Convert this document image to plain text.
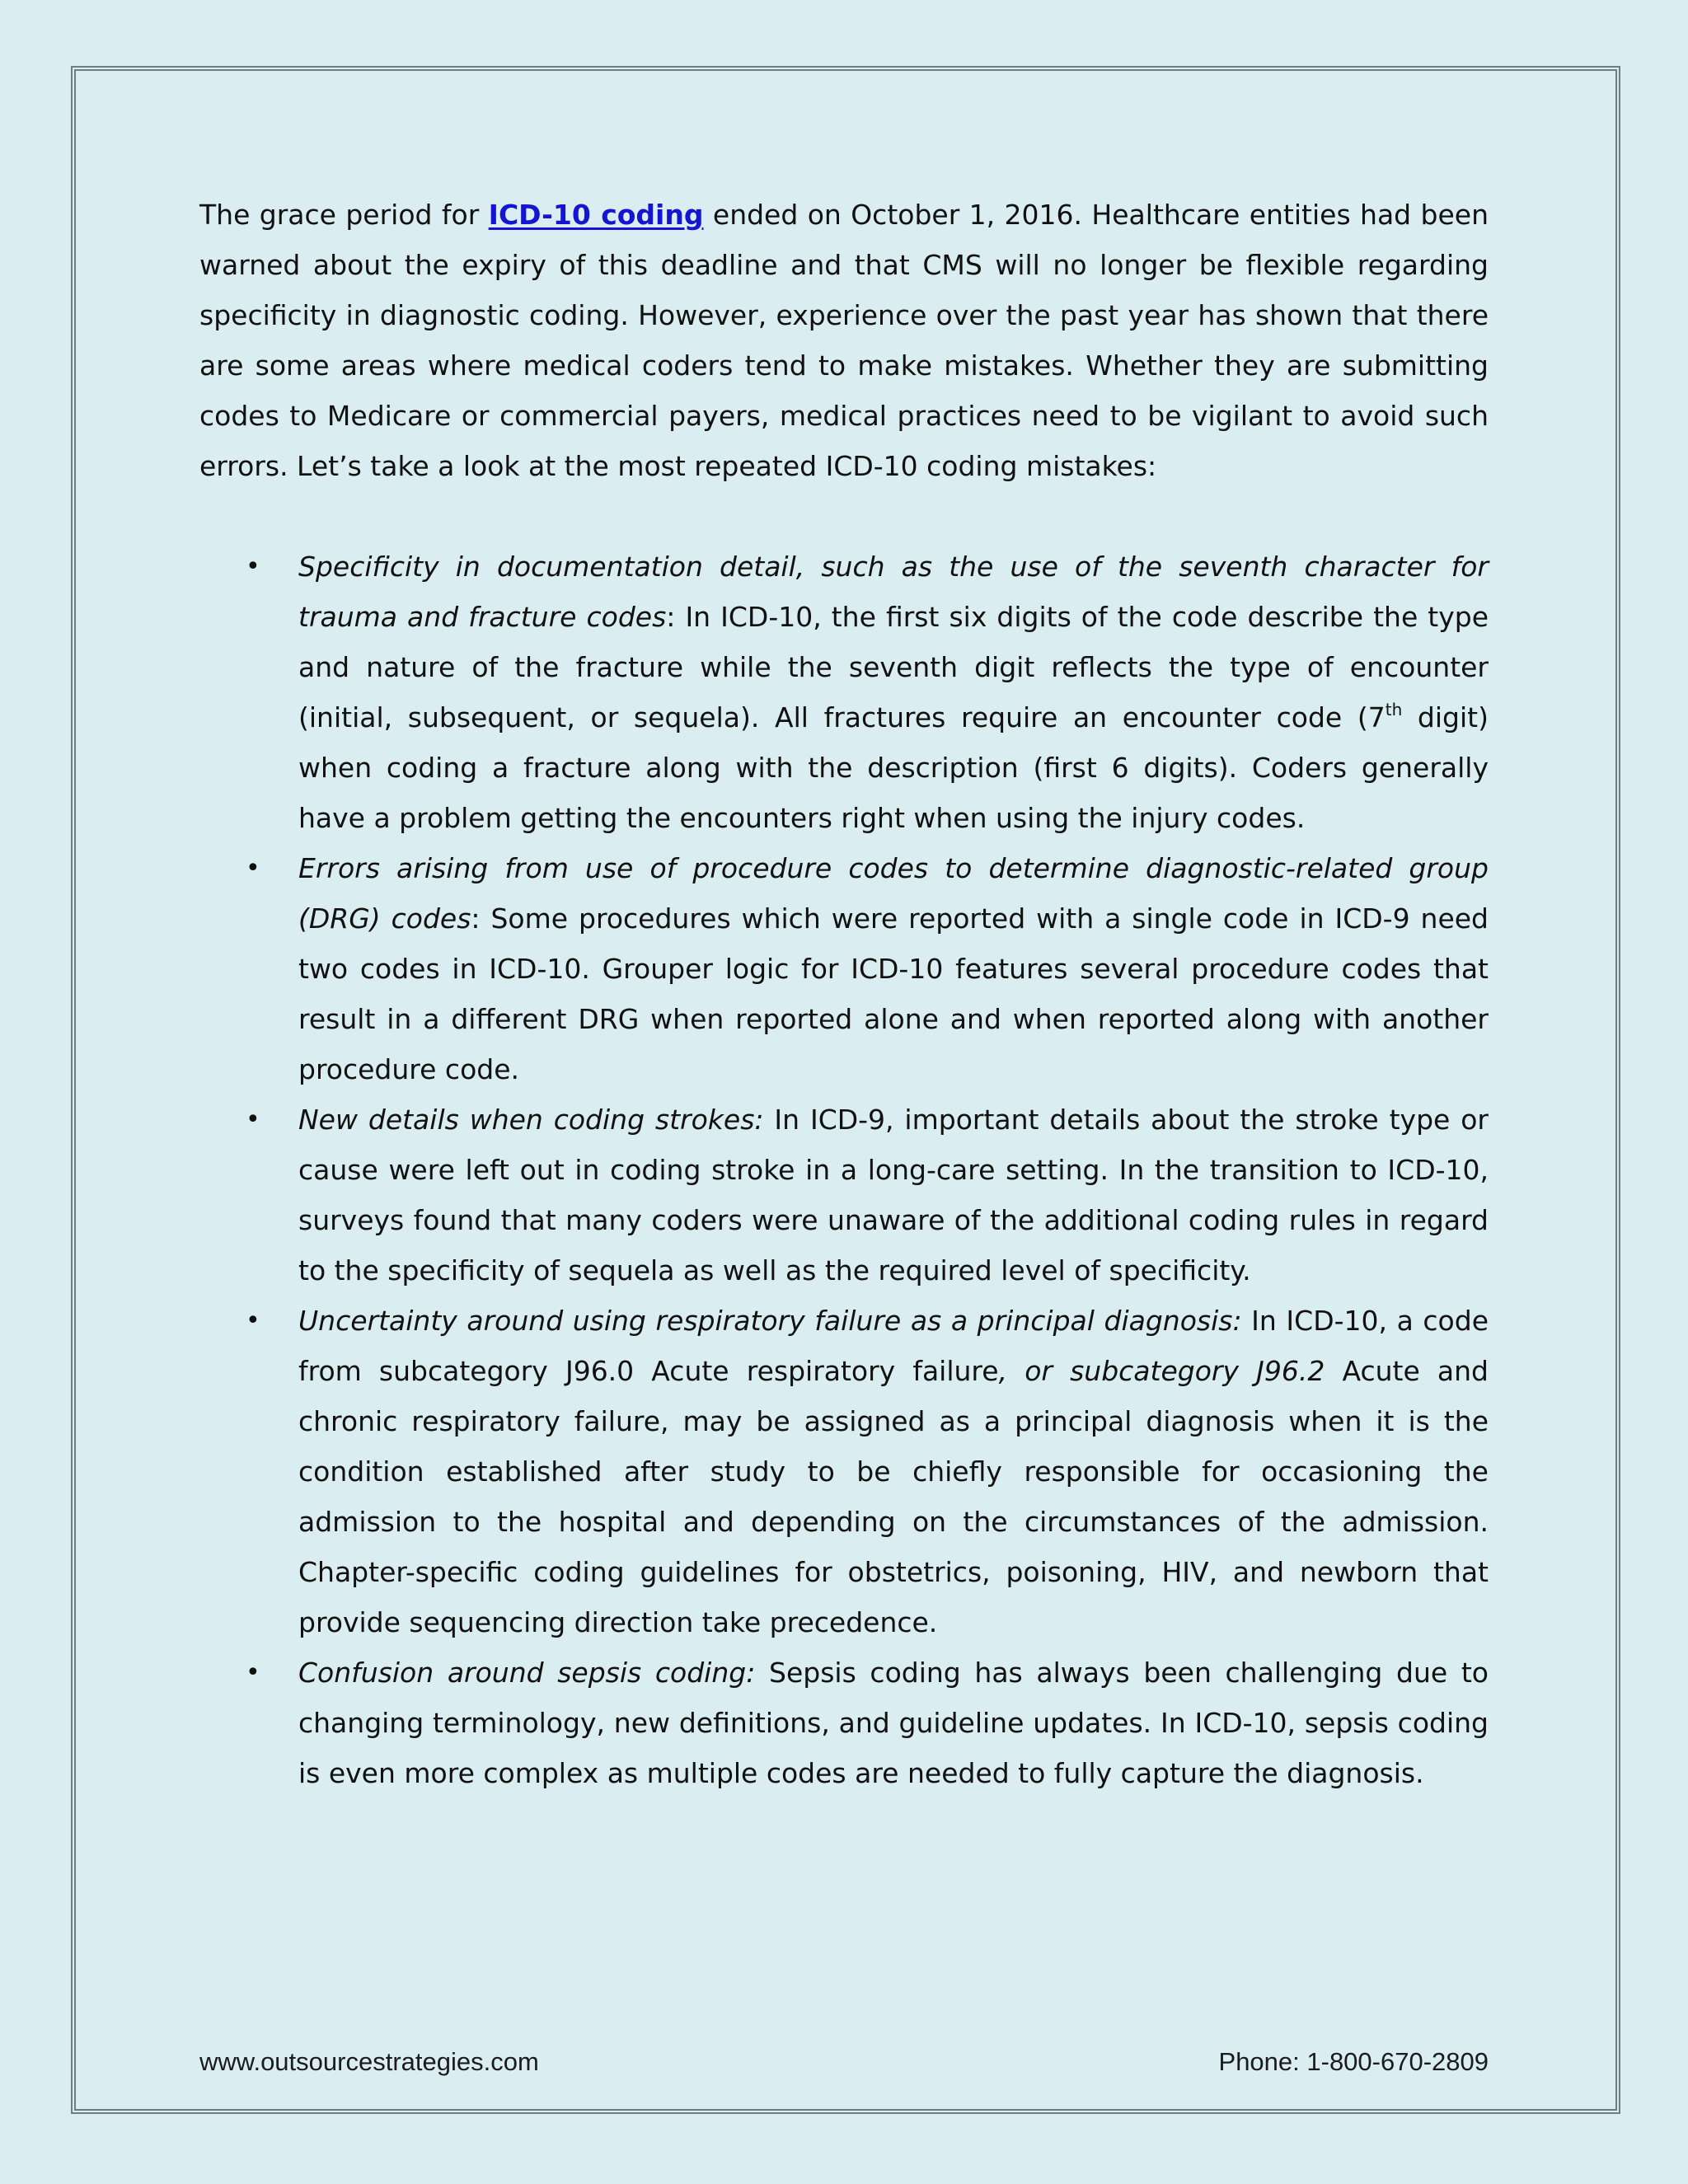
The grace period for ICD-10 coding ended on October 1, 2016. Healthcare entities had been warned about the expiry of this deadline and that CMS will no longer be flexible regarding specificity in diagnostic coding. However, experience over the past year has shown that there are some areas where medical coders tend to make mistakes. Whether they are submitting codes to Medicare or commercial payers, medical practices need to be vigilant to avoid such errors. Let’s take a look at the most repeated ICD-10 coding mistakes:

• Specificity in documentation detail, such as the use of the seventh character for trauma and fracture codes: In ICD-10, the first six digits of the code describe the type and nature of the fracture while the seventh digit reflects the type of encounter (initial, subsequent, or sequela). All fractures require an encounter code (7th digit) when coding a fracture along with the description (first 6 digits). Coders generally have a problem getting the encounters right when using the injury codes.
• Errors arising from use of procedure codes to determine diagnostic-related group (DRG) codes: Some procedures which were reported with a single code in ICD-9 need two codes in ICD-10. Grouper logic for ICD-10 features several procedure codes that result in a different DRG when reported alone and when reported along with another procedure code.
• New details when coding strokes: In ICD-9, important details about the stroke type or cause were left out in coding stroke in a long-care setting. In the transition to ICD-10, surveys found that many coders were unaware of the additional coding rules in regard to the specificity of sequela as well as the required level of specificity.
• Uncertainty around using respiratory failure as a principal diagnosis: In ICD-10, a code from subcategory J96.0 Acute respiratory failure, or subcategory J96.2 Acute and chronic respiratory failure, may be assigned as a principal diagnosis when it is the condition established after study to be chiefly responsible for occasioning the admission to the hospital and depending on the circumstances of the admission. Chapter-specific coding guidelines for obstetrics, poisoning, HIV, and newborn that provide sequencing direction take precedence.
• Confusion around sepsis coding: Sepsis coding has always been challenging due to changing terminology, new definitions, and guideline updates. In ICD-10, sepsis coding is even more complex as multiple codes are needed to fully capture the diagnosis.
www.outsourcestrategies.com	Phone: 1-800-670-2809
